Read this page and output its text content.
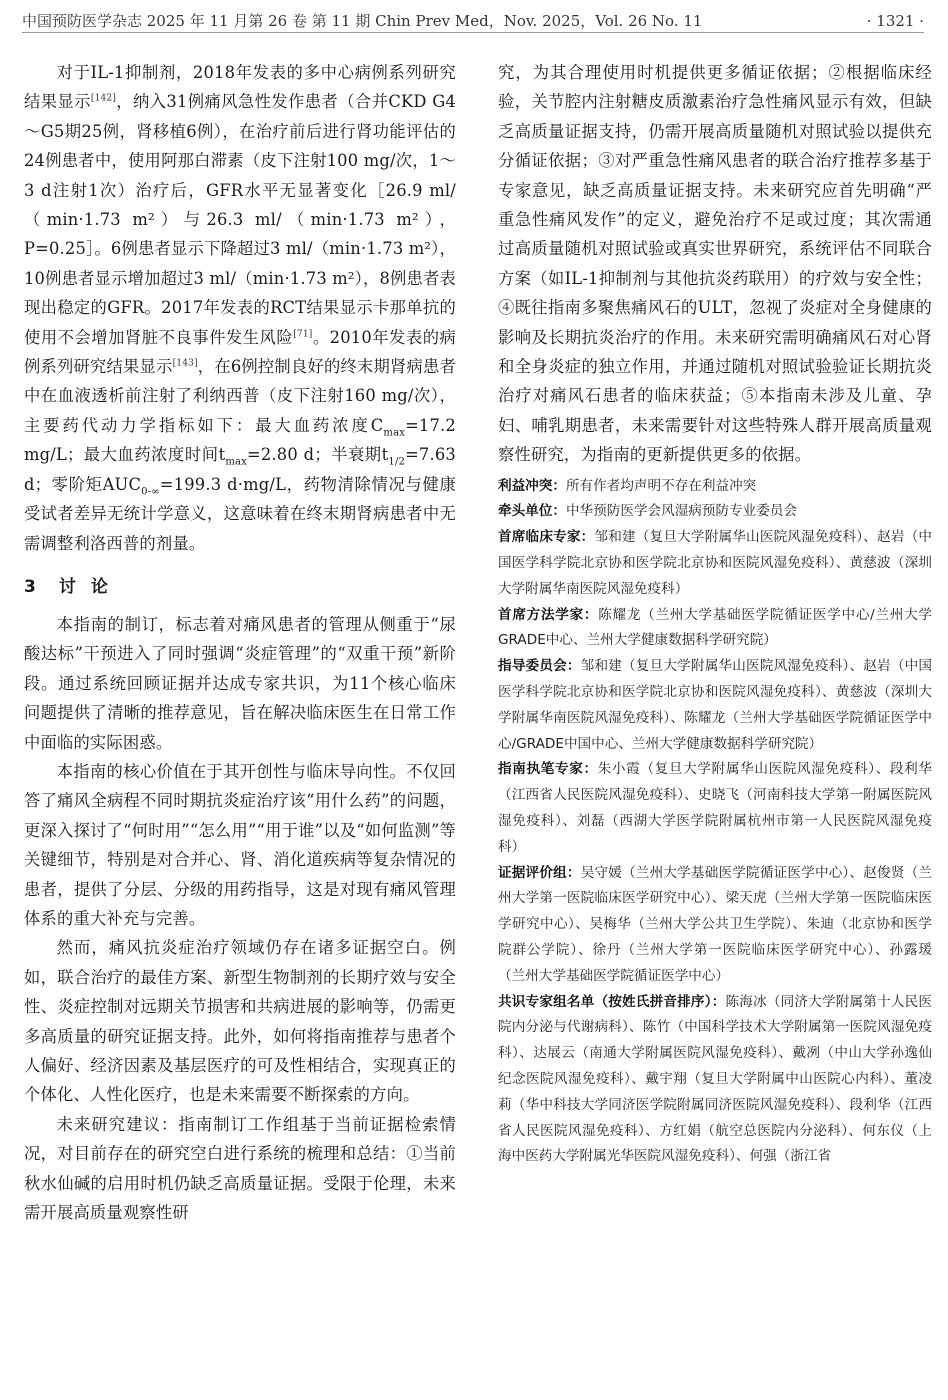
中国预防医学杂志 2025 年 11 月第 26 卷 第 11 期 Chin Prev Med，Nov. 2025，Vol. 26 No. 11	· 1321 ·

对于IL-1抑制剂，2018年发表的多中心病例系列研究结果显示[142]，纳入31例痛风急性发作患者（合并CKD G4～G5期25例，肾移植6例），在治疗前后进行肾功能评估的24例患者中，使用阿那白滞素（皮下注射100 mg/次，1～3 d注射1次）治疗后，GFR水平无显著变化［26.9 ml/（min·1.73 m²）与26.3 ml/（min·1.73 m²），P=0.25］。6例患者显示下降超过3 ml/（min·1.73 m²），10例患者显示增加超过3 ml/（min·1.73 m²），8例患者表现出稳定的GFR。2017年发表的RCT结果显示卡那单抗的使用不会增加肾脏不良事件发生风险[71]。2010年发表的病例系列研究结果显示[143]，在6例控制良好的终末期肾病患者中在血液透析前注射了利纳西普（皮下注射160 mg/次），主要药代动力学指标如下：最大血药浓度$C_{max}=17.2$ mg/L；最大血药浓度时间$t_{max}=2.80$ d；半衰期$t_{1/2}=7.63$ d；零阶矩$AUC_{0-\infty}=199.3$ d·mg/L，药物清除情况与健康受试者差异无统计学意义，这意味着在终末期肾病患者中无需调整利洛西普的剂量。

3 讨 论

本指南的制订，标志着对痛风患者的管理从侧重于“尿酸达标”干预进入了同时强调“炎症管理”的“双重干预”新阶段。通过系统回顾证据并达成专家共识，为11个核心临床问题提供了清晰的推荐意见，旨在解决临床医生在日常工作中面临的实际困惑。

本指南的核心价值在于其开创性与临床导向性。不仅回答了痛风全病程不同时期抗炎症治疗该“用什么药”的问题，更深入探讨了“何时用”“怎么用”“用于谁”以及“如何监测”等关键细节，特别是对合并心、肾、消化道疾病等复杂情况的患者，提供了分层、分级的用药指导，这是对现有痛风管理体系的重大补充与完善。

然而，痛风抗炎症治疗领域仍存在诸多证据空白。例如，联合治疗的最佳方案、新型生物制剂的长期疗效与安全性、炎症控制对远期关节损害和共病进展的影响等，仍需更多高质量的研究证据支持。此外，如何将指南推荐与患者个人偏好、经济因素及基层医疗的可及性相结合，实现真正的个体化、人性化医疗，也是未来需要不断探索的方向。

未来研究建议：指南制订工作组基于当前证据检索情况，对目前存在的研究空白进行系统的梳理和总结：①当前秋水仙碱的启用时机仍缺乏高质量证据。受限于伦理，未来需开展高质量观察性研

究，为其合理使用时机提供更多循证依据；②根据临床经验，关节腔内注射糖皮质激素治疗急性痛风显示有效，但缺乏高质量证据支持，仍需开展高质量随机对照试验以提供充分循证依据；③对严重急性痛风患者的联合治疗推荐多基于专家意见，缺乏高质量证据支持。未来研究应首先明确“严重急性痛风发作”的定义，避免治疗不足或过度；其次需通过高质量随机对照试验或真实世界研究，系统评估不同联合方案（如IL-1抑制剂与其他抗炎药联用）的疗效与安全性；④既往指南多聚焦痛风石的ULT，忽视了炎症对全身健康的影响及长期抗炎治疗的作用。未来研究需明确痛风石对心肾和全身炎症的独立作用，并通过随机对照试验验证长期抗炎治疗对痛风石患者的临床获益；⑤本指南未涉及儿童、孕妇、哺乳期患者，未来需要针对这些特殊人群开展高质量观察性研究，为指南的更新提供更多的依据。

利益冲突：所有作者均声明不存在利益冲突

牵头单位：中华预防医学会风湿病预防专业委员会

首席临床专家：邹和建（复旦大学附属华山医院风湿免疫科）、赵岩（中国医学科学院北京协和医学院北京协和医院风湿免疫科）、黄慈波（深圳大学附属华南医院风湿免疫科）

首席方法学家：陈耀龙（兰州大学基础医学院循证医学中心/兰州大学GRADE中心、兰州大学健康数据科学研究院）

指导委员会：邹和建（复旦大学附属华山医院风湿免疫科）、赵岩（中国医学科学院北京协和医学院北京协和医院风湿免疫科）、黄慈波（深圳大学附属华南医院风湿免疫科）、陈耀龙（兰州大学基础医学院循证医学中心/GRADE中国中心、兰州大学健康数据科学研究院）

指南执笔专家：朱小霞（复旦大学附属华山医院风湿免疫科）、段利华（江西省人民医院风湿免疫科）、史晓飞（河南科技大学第一附属医院风湿免疫科）、刘磊（西湖大学医学院附属杭州市第一人民医院风湿免疫科）

证据评价组：吴守媛（兰州大学基础医学院循证医学中心）、赵俊贤（兰州大学第一医院临床医学研究中心）、梁天虎（兰州大学第一医院临床医学研究中心）、吴梅华（兰州大学公共卫生学院）、朱迪（北京协和医学院群公学院）、徐丹（兰州大学第一医院临床医学研究中心）、孙露瑗（兰州大学基础医学院循证医学中心）

共识专家组名单（按姓氏拼音排序）：陈海冰（同济大学附属第十人民医院内分泌与代谢病科）、陈竹（中国科学技术大学附属第一医院风湿免疫科）、达展云（南通大学附属医院风湿免疫科）、戴冽（中山大学孙逸仙纪念医院风湿免疫科）、戴宇翔（复旦大学附属中山医院心内科）、董凌莉（华中科技大学同济医学院附属同济医院风湿免疫科）、段利华（江西省人民医院风湿免疫科）、方红娟（航空总医院内分泌科）、何东仪（上海中医药大学附属光华医院风湿免疫科）、何强（浙江省
